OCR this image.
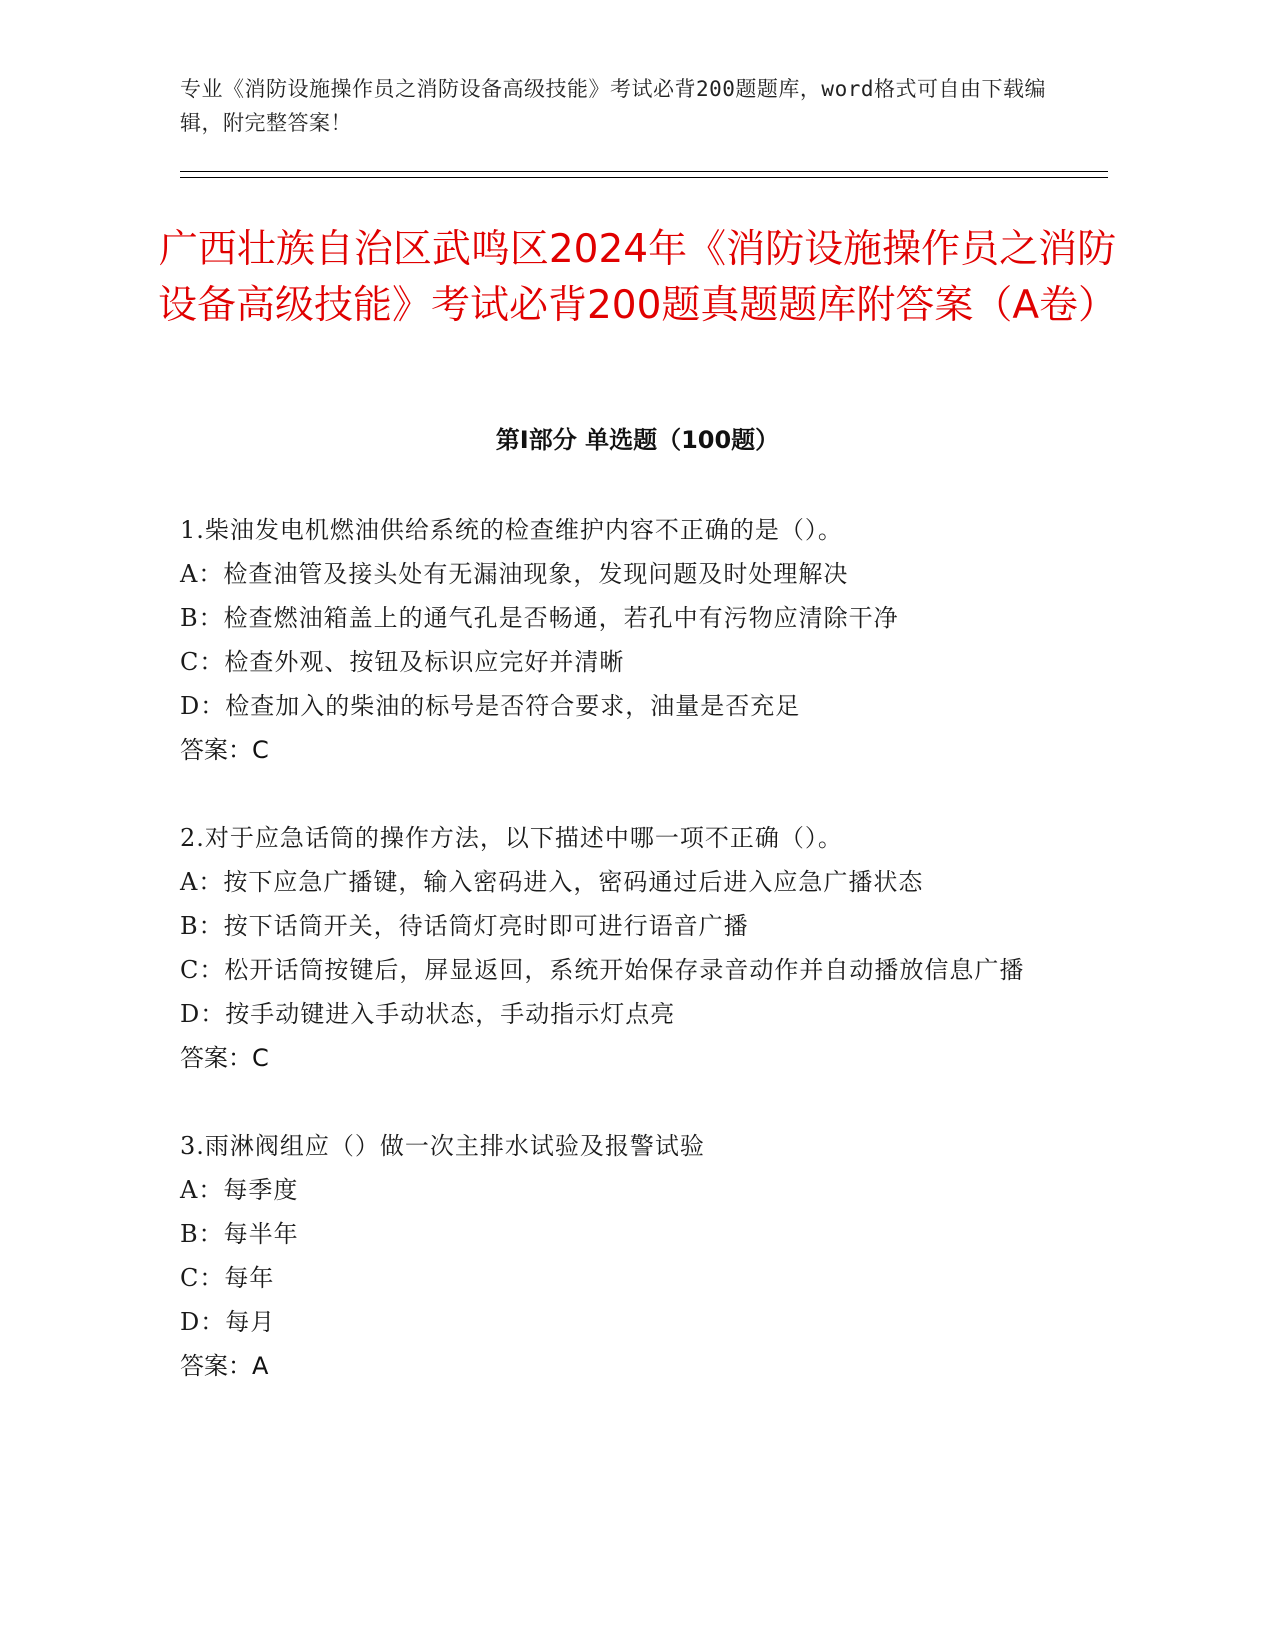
专业《消防设施操作员之消防设备高级技能》考试必背200题题库，word格式可自由下载编辑，附完整答案！
广西壮族自治区武鸣区2024年《消防设施操作员之消防设备高级技能》考试必背200题真题题库附答案（A卷）
第Ⅰ部分 单选题（100题）
1.柴油发电机燃油供给系统的检查维护内容不正确的是（）。
A：检查油管及接头处有无漏油现象，发现问题及时处理解决
B：检查燃油箱盖上的通气孔是否畅通，若孔中有污物应清除干净
C：检查外观、按钮及标识应完好并清晰
D：检查加入的柴油的标号是否符合要求，油量是否充足
答案：C
2.对于应急话筒的操作方法，以下描述中哪一项不正确（）。
A：按下应急广播键，输入密码进入，密码通过后进入应急广播状态
B：按下话筒开关，待话筒灯亮时即可进行语音广播
C：松开话筒按键后，屏显返回，系统开始保存录音动作并自动播放信息广播
D：按手动键进入手动状态，手动指示灯点亮
答案：C
3.雨淋阀组应（）做一次主排水试验及报警试验
A：每季度
B：每半年
C：每年
D：每月
答案：A
